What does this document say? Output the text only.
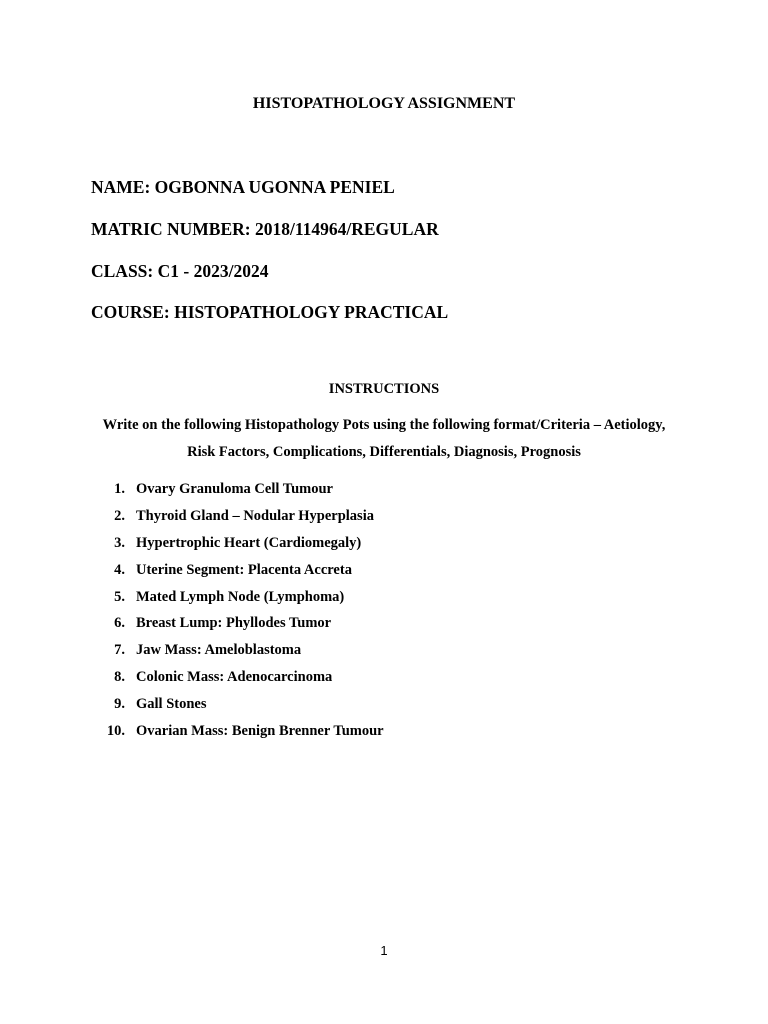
HISTOPATHOLOGY ASSIGNMENT
NAME: OGBONNA UGONNA PENIEL
MATRIC NUMBER: 2018/114964/REGULAR
CLASS: C1 - 2023/2024
COURSE: HISTOPATHOLOGY PRACTICAL
INSTRUCTIONS
Write on the following Histopathology Pots using the following format/Criteria – Aetiology,
Risk Factors, Complications, Differentials, Diagnosis, Prognosis
1. Ovary Granuloma Cell Tumour
2. Thyroid Gland – Nodular Hyperplasia
3. Hypertrophic Heart (Cardiomegaly)
4. Uterine Segment: Placenta Accreta
5. Mated Lymph Node (Lymphoma)
6. Breast Lump: Phyllodes Tumor
7. Jaw Mass: Ameloblastoma
8. Colonic Mass: Adenocarcinoma
9. Gall Stones
10. Ovarian Mass: Benign Brenner Tumour
1
